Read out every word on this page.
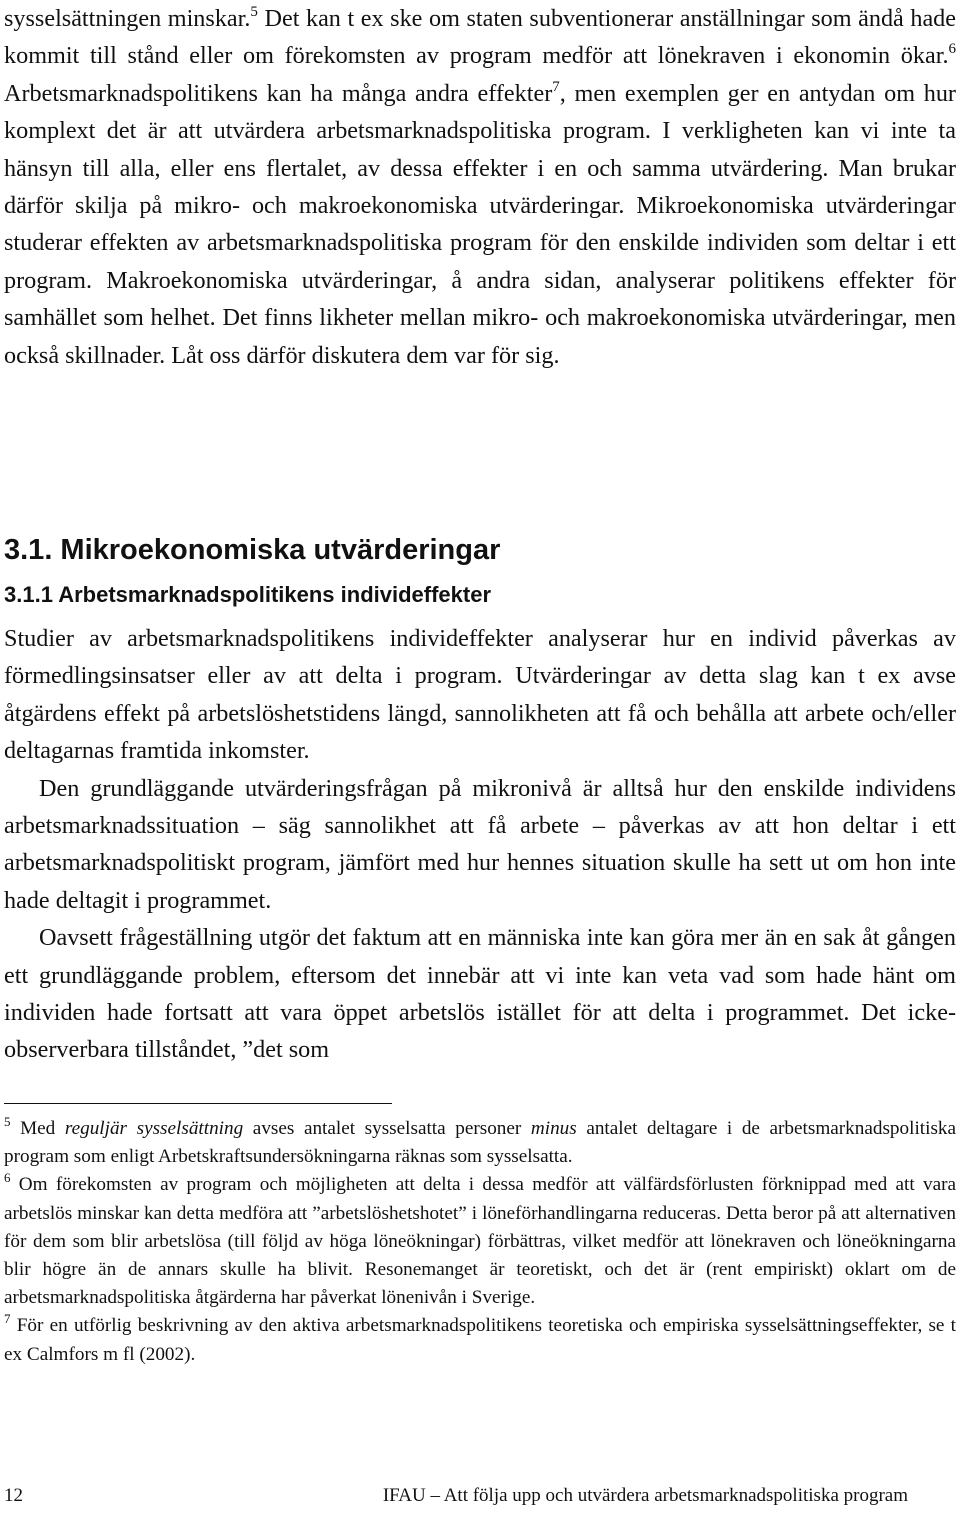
sysselsättningen minskar.$^5$ Det kan t ex ske om staten subventionerar anställningar som ändå hade kommit till stånd eller om förekomsten av program medför att lönekraven i ekonomin ökar.$^6$ Arbetsmarknadspolitikens kan ha många andra effekter$^7$, men exemplen ger en antydan om hur komplext det är att utvärdera arbetsmarknadspolitiska program. I verkligheten kan vi inte ta hänsyn till alla, eller ens flertalet, av dessa effekter i en och samma utvärdering. Man brukar därför skilja på mikro- och makroekonomiska utvärderingar. Mikroekonomiska utvärderingar studerar effekten av arbetsmarknadspolitiska program för den enskilde individen som deltar i ett program. Makroekonomiska utvärderingar, å andra sidan, analyserar politikens effekter för samhället som helhet. Det finns likheter mellan mikro- och makroekonomiska utvärderingar, men också skillnader. Låt oss därför diskutera dem var för sig.

3.1. Mikroekonomiska utvärderingar
3.1.1 Arbetsmarknadspolitikens individeffekter

Studier av arbetsmarknadspolitikens individeffekter analyserar hur en individ påverkas av förmedlingsinsatser eller av att delta i program. Utvärderingar av detta slag kan t ex avse åtgärdens effekt på arbetslöshetstidens längd, sannolikheten att få och behålla att arbete och/eller deltagarnas framtida inkomster.

Den grundläggande utvärderingsfrågan på mikronivå är alltså hur den enskilde individens arbetsmarknadssituation – säg sannolikhet att få arbete – påverkas av att hon deltar i ett arbetsmarknadspolitiskt program, jämfört med hur hennes situation skulle ha sett ut om hon inte hade deltagit i programmet.

Oavsett frågeställning utgör det faktum att en människa inte kan göra mer än en sak åt gången ett grundläggande problem, eftersom det innebär att vi inte kan veta vad som hade hänt om individen hade fortsatt att vara öppet arbetslös istället för att delta i programmet. Det icke-observerbara tillståndet, ”det som

$^5$ Med reguljär sysselsättning avses antalet sysselsatta personer minus antalet deltagare i de arbetsmarknadspolitiska program som enligt Arbetskraftsundersökningarna räknas som sysselsatta.

$^6$ Om förekomsten av program och möjligheten att delta i dessa medför att välfärdsförlusten förknippad med att vara arbetslös minskar kan detta medföra att ”arbetslöshetshotet” i löneförhandlingarna reduceras. Detta beror på att alternativen för dem som blir arbetslösa (till följd av höga löneökningar) förbättras, vilket medför att lönekraven och löneökningarna blir högre än de annars skulle ha blivit. Resonemanget är teoretiskt, och det är (rent empiriskt) oklart om de arbetsmarknadspolitiska åtgärderna har påverkat lönenivån i Sverige.

$^7$ För en utförlig beskrivning av den aktiva arbetsmarknadspolitikens teoretiska och empiriska sysselsättningseffekter, se t ex Calmfors m fl (2002).

12	IFAU – Att följa upp och utvärdera arbetsmarknadspolitiska program
